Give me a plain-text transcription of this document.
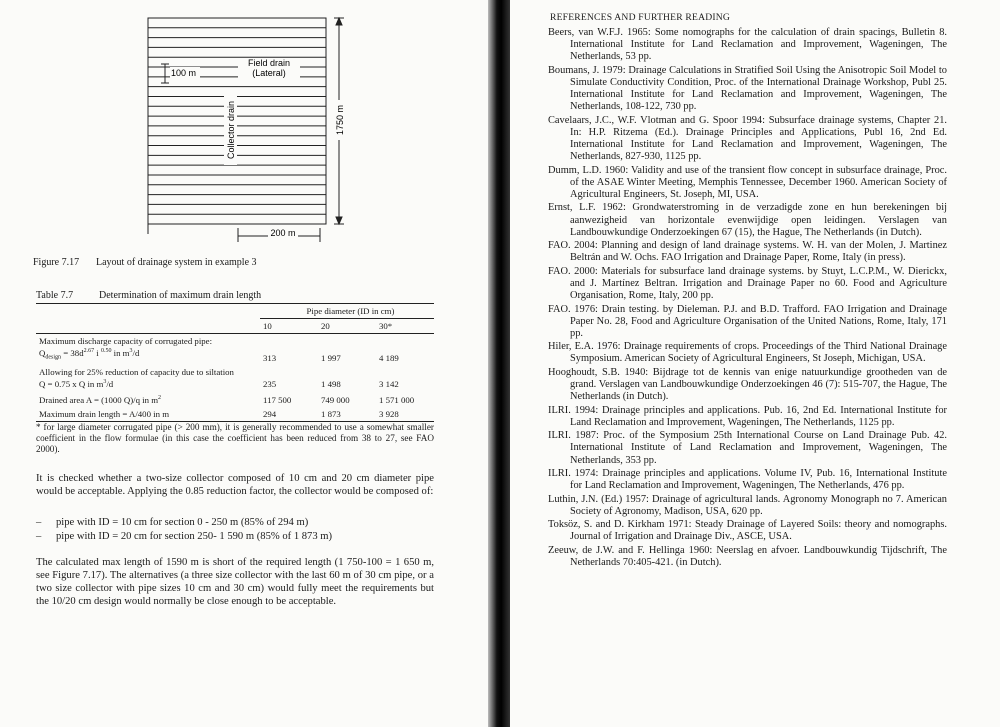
100 m
Field drain
(Lateral)
Collector drain	1750 m
200 m
Figure 7.17 Layout of drainage system in example 3
Table 7.7	Determination of maximum drain length
	Pipe diameter (ID in cm)		
	10	20	30*
Maximum discharge capacity of corrugated pipe:
$Q_{design} = 38d^{2.67}$ i $^{0.50}$ in $m^3/d$	313	1 997	4 189
Allowing for 25% reduction of capacity due to siltation
Q = 0.75 x Q in $m^3/d$	235	1 498	3 142
Drained area A = (1000 Q)/q in $m^2$	117 500	749 000	1 571 000
Maximum drain length = A/400 in m	294	1 873	3 928
* for large diameter corrugated pipe (> 200 mm), it is generally recommended to use a somewhat smaller coefficient in the flow formulae (in this case the coefficient has been reduced from 38 to 27, see FAO 2000).
It is checked whether a two-size collector composed of 10 cm and 20 cm diameter pipe would be acceptable. Applying the 0.85 reduction factor, the collector would be composed of:
– pipe with ID = 10 cm for section 0 - 250 m (85% of 294 m)
– pipe with ID = 20 cm for section 250- 1 590 m (85% of 1 873 m)
The calculated max length of 1590 m is short of the required length (1 750-100 = 1 650 m, see Figure 7.17). The alternatives (a three size collector with the last 60 m of 30 cm pipe, or a two size collector with pipe sizes 10 cm and 30 cm) would fully meet the requirements but the 10/20 cm design would normally be close enough to be acceptable.
REFERENCES AND FURTHER READING
Beers, van W.F.J. 1965: Some nomographs for the calculation of drain spacings, Bulletin 8. International Institute for Land Reclamation and Improvement, Wageningen, The Netherlands, 53 pp.
Boumans, J. 1979: Drainage Calculations in Stratified Soil Using the Anisotropic Soil Model to Simulate Conductivity Condition, Proc. of the International Drainage Workshop, Publ 25. International Institute for Land Reclamation and Improvement, Wageningen, The Netherlands, 108-122, 730 pp.
Cavelaars, J.C., W.F. Vlotman and G. Spoor 1994: Subsurface drainage systems, Chapter 21. In: H.P. Ritzema (Ed.). Drainage Principles and Applications, Publ 16, 2nd Ed. International Institute for Land Reclamation and Improvement, Wageningen, The Netherlands, 827-930, 1125 pp.
Dumm, L.D. 1960: Validity and use of the transient flow concept in subsurface drainage, Proc. of the ASAE Winter Meeting, Memphis Tennessee, December 1960. American Society of Agricultural Engineers, St. Joseph, MI, USA.
Ernst, L.F. 1962: Grondwaterstroming in de verzadigde zone en hun berekeningen bij aanwezigheid van horizontale evenwijdige open leidingen. Verslagen van Landbouwkundige Onderzoekingen 67 (15), the Hague, The Netherlands (in Dutch).
FAO. 2004: Planning and design of land drainage systems. W. H. van der Molen, J. Martinez Beltrán and W. Ochs. FAO Irrigation and Drainage Paper, Rome, Italy (in press).
FAO. 2000: Materials for subsurface land drainage systems. by Stuyt, L.C.P.M., W. Dierickx, and J. Martínez Beltran. Irrigation and Drainage Paper no 60. Food and Agriculture Organisation, Rome, Italy, 200 pp.
FAO. 1976: Drain testing. by Dieleman. P.J. and B.D. Trafford. FAO Irrigation and Drainage Paper No. 28, Food and Agriculture Organisation of the United Nations, Rome, Italy, 171 pp.
Hiler, E.A. 1976: Drainage requirements of crops. Proceedings of the Third National Drainage Symposium. American Society of Agricultural Engineers, St Joseph, Michigan, USA.
Hooghoudt, S.B. 1940: Bijdrage tot de kennis van enige natuurkundige grootheden van de grand. Verslagen van Landbouwkundige Onderzoekingen 46 (7): 515-707, the Hague, The Netherlands (in Dutch).
ILRI. 1994: Drainage principles and applications. Pub. 16, 2nd Ed. International Institute for Land Reclamation and Improvement, Wageningen, The Netherlands, 1125 pp.
ILRI. 1987: Proc. of the Symposium 25th International Course on Land Drainage Pub. 42. International Institute of Land Reclamation and Improvement, Wageningen, The Netherlands, 353 pp.
ILRI. 1974: Drainage principles and applications. Volume IV, Pub. 16, International Institute for Land Reclamation and Improvement, Wageningen, The Netherlands, 476 pp.
Luthin, J.N. (Ed.) 1957: Drainage of agricultural lands. Agronomy Monograph no 7. American Society of Agronomy, Madison, USA, 620 pp.
Toksöz, S. and D. Kirkham 1971: Steady Drainage of Layered Soils: theory and nomographs. Journal of Irrigation and Drainage Div., ASCE, USA.
Zeeuw, de J.W. and F. Hellinga 1960: Neerslag en afvoer. Landbouwkundig Tijdschrift, The Netherlands 70:405-421. (in Dutch).
